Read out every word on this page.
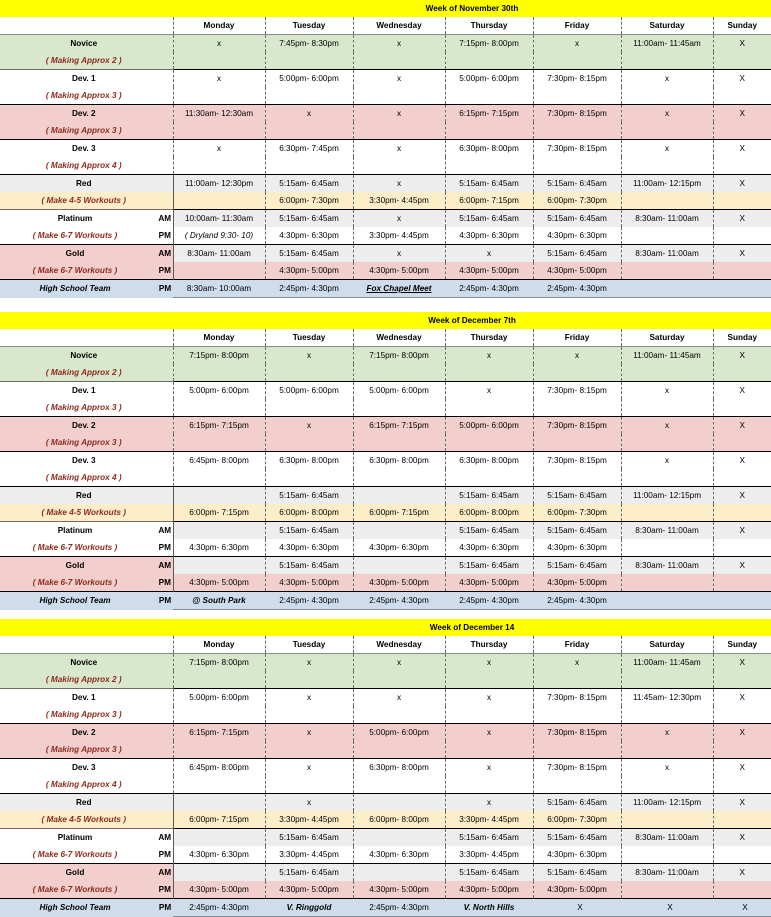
		Week of November 30th						
		Monday	Tuesday	Wednesday	Thursday	Friday	Saturday	Sunday
Novice		x	7:45pm- 8:30pm	x	7:15pm- 8:00pm	x	11:00am- 11:45am	X
( Making Approx 2 )								
Dev. 1		x	5:00pm- 6:00pm	x	5:00pm- 6:00pm	7:30pm- 8:15pm	x	X
( Making Approx 3 )								
Dev. 2		11:30am- 12:30am	x	x	6:15pm- 7:15pm	7:30pm- 8:15pm	x	X
( Making Approx 3 )								
Dev. 3		x	6:30pm- 7:45pm	x	6:30pm- 8:00pm	7:30pm- 8:15pm	x	X
( Making Approx 4 )								
Red		11:00am- 12:30pm	5:15am- 6:45am	x	5:15am- 6:45am	5:15am- 6:45am	11:00am- 12:15pm	X
( Make 4-5 Workouts )			6:00pm- 7:30pm	3:30pm- 4:45pm	6:00pm- 7:15pm	6:00pm- 7:30pm		
Platinum	AM	10:00am- 11:30am	5:15am- 6:45am	x	5:15am- 6:45am	5:15am- 6:45am	8:30am- 11:00am	X
( Make 6-7 Workouts )	PM	( Dryland 9:30- 10)	4:30pm- 6:30pm	3:30pm- 4:45pm	4:30pm- 6:30pm	4:30pm- 6:30pm		
Gold	AM	8:30am- 11:00am	5:15am- 6:45am	x	x	5:15am- 6:45am	8:30am- 11:00am	X
( Make 6-7 Workouts )	PM		4:30pm- 5:00pm	4:30pm- 5:00pm	4:30pm- 5:00pm	4:30pm- 5:00pm		
High School Team	PM	8:30am- 10:00am	2:45pm- 4:30pm	Fox Chapel Meet	2:45pm- 4:30pm	2:45pm- 4:30pm		
		Week of December 7th						
		Monday	Tuesday	Wednesday	Thursday	Friday	Saturday	Sunday
Novice		7:15pm- 8:00pm	x	7:15pm- 8:00pm	x	x	11:00am- 11:45am	X
( Making Approx 2 )								
Dev. 1		5:00pm- 6:00pm	5:00pm- 6:00pm	5:00pm- 6:00pm	x	7:30pm- 8:15pm	x	X
( Making Approx 3 )								
Dev. 2		6:15pm- 7:15pm	x	6:15pm- 7:15pm	5:00pm- 6:00pm	7:30pm- 8:15pm	x	X
( Making Approx 3 )								
Dev. 3		6:45pm- 8:00pm	6:30pm- 8:00pm	6:30pm- 8:00pm	6:30pm- 8:00pm	7:30pm- 8:15pm	x	X
( Making Approx 4 )								
Red			5:15am- 6:45am		5:15am- 6:45am	5:15am- 6:45am	11:00am- 12:15pm	X
( Make 4-5 Workouts )		6:00pm- 7:15pm	6:00pm- 8:00pm	6:00pm- 7:15pm	6:00pm- 8:00pm	6:00pm- 7:30pm		
Platinum	AM		5:15am- 6:45am		5:15am- 6:45am	5:15am- 6:45am	8:30am- 11:00am	X
( Make 6-7 Workouts )	PM	4:30pm- 6:30pm	4:30pm- 6:30pm	4:30pm- 6:30pm	4:30pm- 6:30pm	4:30pm- 6:30pm		
Gold	AM		5:15am- 6:45am		5:15am- 6:45am	5:15am- 6:45am	8:30am- 11:00am	X
( Make 6-7 Workouts )	PM	4:30pm- 5:00pm	4:30pm- 5:00pm	4:30pm- 5:00pm	4:30pm- 5:00pm	4:30pm- 5:00pm		
High School Team	PM	@ South Park	2:45pm- 4:30pm	2:45pm- 4:30pm	2:45pm- 4:30pm	2:45pm- 4:30pm		
		Week of December 14						
		Monday	Tuesday	Wednesday	Thursday	Friday	Saturday	Sunday
Novice		7:15pm- 8:00pm	x	x	x	x	11:00am- 11:45am	X
( Making Approx 2 )								
Dev. 1		5:00pm- 6:00pm	x	x	x	7:30pm- 8:15pm	11:45am- 12:30pm	X
( Making Approx 3 )								
Dev. 2		6:15pm- 7:15pm	x	5:00pm- 6:00pm	x	7:30pm- 8:15pm	x	X
( Making Approx 3 )								
Dev. 3		6:45pm- 8:00pm	x	6:30pm- 8:00pm	x	7:30pm- 8:15pm	x	X
( Making Approx 4 )								
Red			x		x	5:15am- 6:45am	11:00am- 12:15pm	X
( Make 4-5 Workouts )		6:00pm- 7:15pm	3:30pm- 4:45pm	6:00pm- 8:00pm	3:30pm- 4:45pm	6:00pm- 7:30pm		
Platinum	AM		5:15am- 6:45am		5:15am- 6:45am	5:15am- 6:45am	8:30am- 11:00am	X
( Make 6-7 Workouts )	PM	4:30pm- 6:30pm	3:30pm- 4:45pm	4:30pm- 6:30pm	3:30pm- 4:45pm	4:30pm- 6:30pm		
Gold	AM		5:15am- 6:45am		5:15am- 6:45am	5:15am- 6:45am	8:30am- 11:00am	X
( Make 6-7 Workouts )	PM	4:30pm- 5:00pm	4:30pm- 5:00pm	4:30pm- 5:00pm	4:30pm- 5:00pm	4:30pm- 5:00pm		
High School Team	PM	2:45pm- 4:30pm	V. Ringgold	2:45pm- 4:30pm	V. North Hills	X	X	X
